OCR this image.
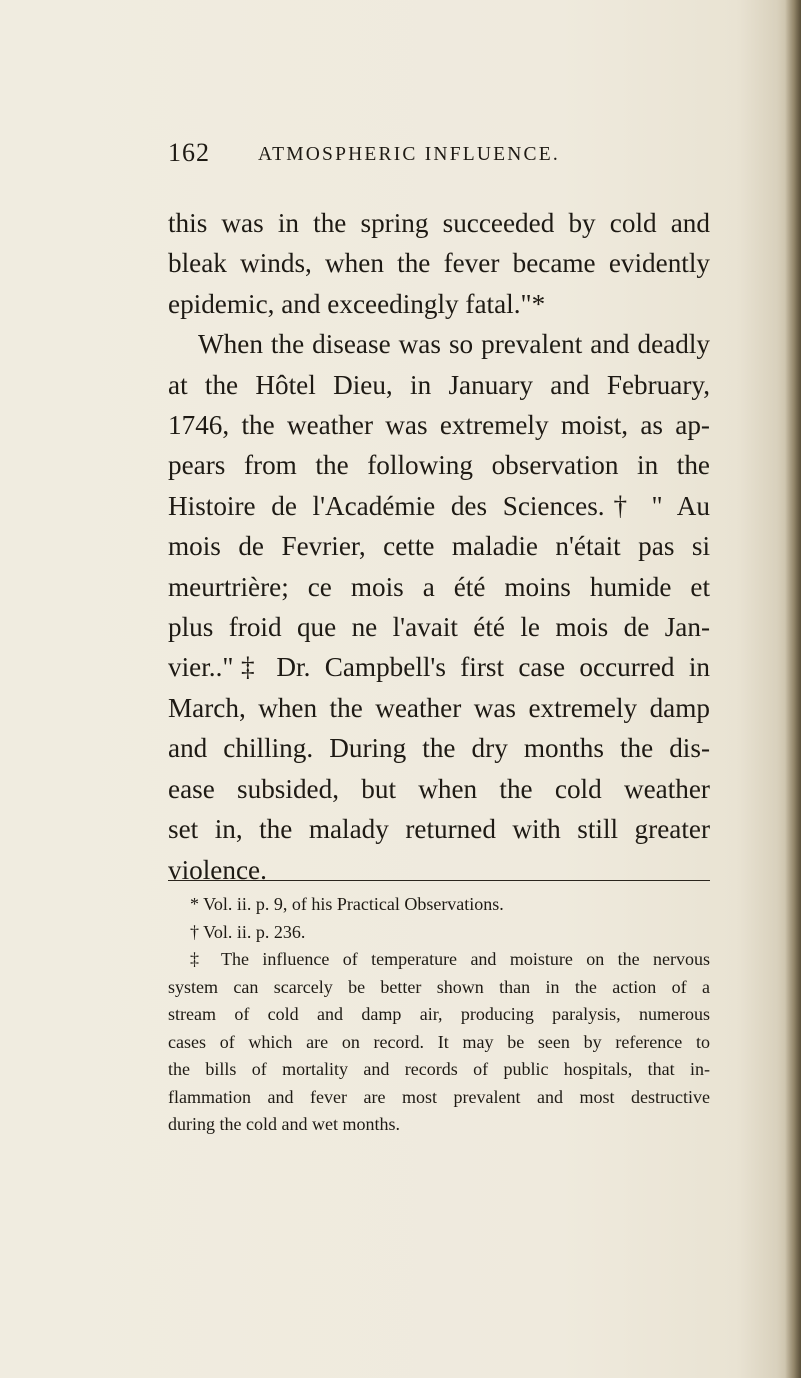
162 ATMOSPHERIC INFLUENCE.
this was in the spring succeeded by cold and
bleak winds, when the fever became evidently
epidemic, and exceedingly fatal."*
When the disease was so prevalent and deadly
at the Hôtel Dieu, in January and February,
1746, the weather was extremely moist, as ap-
pears from the following observation in the
Histoire de l'Académie des Sciences.† " Au
mois de Fevrier, cette maladie n'était pas si
meurtrière; ce mois a été moins humide et
plus froid que ne l'avait été le mois de Jan-
vier.."‡ Dr. Campbell's first case occurred in
March, when the weather was extremely damp
and chilling. During the dry months the dis-
ease subsided, but when the cold weather
set in, the malady returned with still greater
violence.
* Vol. ii. p. 9, of his Practical Observations.
† Vol. ii. p. 236.
‡ The influence of temperature and moisture on the nervous
system can scarcely be better shown than in the action of a
stream of cold and damp air, producing paralysis, numerous
cases of which are on record. It may be seen by reference to
the bills of mortality and records of public hospitals, that in-
flammation and fever are most prevalent and most destructive
during the cold and wet months.
